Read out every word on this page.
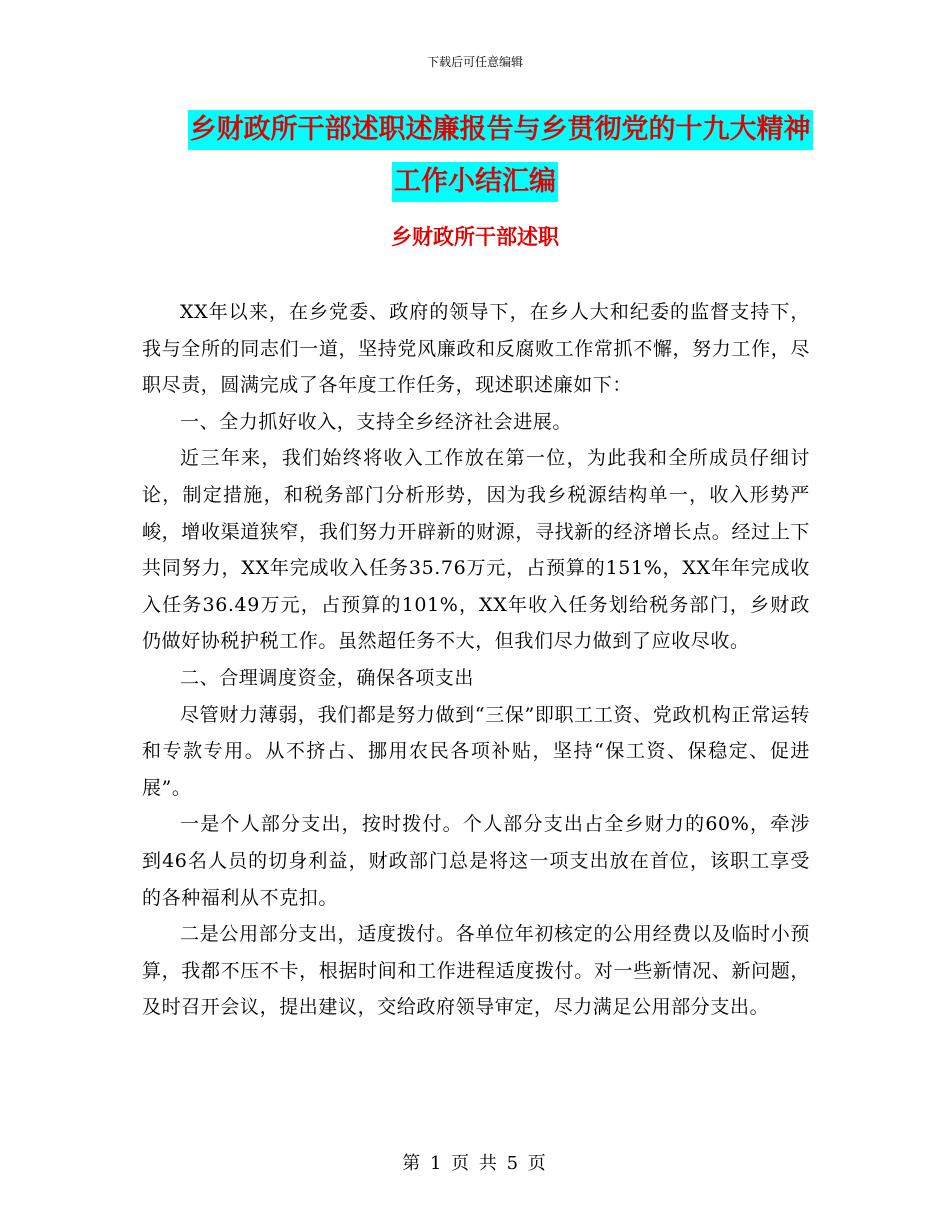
下载后可任意编辑
乡财政所干部述职述廉报告与乡贯彻党的十九大精神
工作小结汇编
乡财政所干部述职

XX年以来，在乡党委、政府的领导下，在乡人大和纪委的监督支持下，我与全所的同志们一道，坚持党风廉政和反腐败工作常抓不懈，努力工作，尽职尽责，圆满完成了各年度工作任务，现述职述廉如下：

一、全力抓好收入，支持全乡经济社会进展。

近三年来，我们始终将收入工作放在第一位，为此我和全所成员仔细讨论，制定措施，和税务部门分析形势，因为我乡税源结构单一，收入形势严峻，增收渠道狭窄，我们努力开辟新的财源，寻找新的经济增长点。经过上下共同努力，XX年完成收入任务35.76万元，占预算的151%，XX年年完成收入任务36.49万元，占预算的101%，XX年收入任务划给税务部门，乡财政仍做好协税护税工作。虽然超任务不大，但我们尽力做到了应收尽收。

二、合理调度资金，确保各项支出

尽管财力薄弱，我们都是努力做到“三保”即职工工资、党政机构正常运转和专款专用。从不挤占、挪用农民各项补贴，坚持“保工资、保稳定、促进展”。

一是个人部分支出，按时拨付。个人部分支出占全乡财力的60%，牵涉到46名人员的切身利益，财政部门总是将这一项支出放在首位，该职工享受的各种福利从不克扣。

二是公用部分支出，适度拨付。各单位年初核定的公用经费以及临时小预算，我都不压不卡，根据时间和工作进程适度拨付。对一些新情况、新问题，及时召开会议，提出建议，交给政府领导审定，尽力满足公用部分支出。

第 1 页 共 5 页
